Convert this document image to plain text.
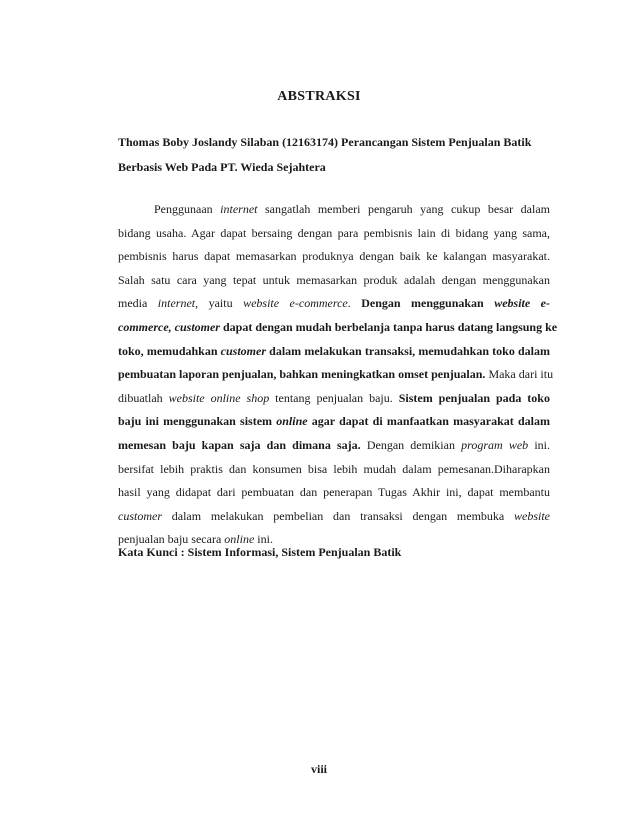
ABSTRAKSI
Thomas Boby Joslandy Silaban (12163174) Perancangan Sistem Penjualan Batik
Berbasis Web Pada PT. Wieda Sejahtera
Penggunaan internet sangatlah memberi pengaruh yang cukup besar dalam
bidang usaha. Agar dapat bersaing dengan para pembisnis lain di bidang yang sama,
pembisnis harus dapat memasarkan produknya dengan baik ke kalangan masyarakat.
Salah satu cara yang tepat untuk memasarkan produk adalah dengan menggunakan
media internet, yaitu website e-commerce. Dengan menggunakan website e-
commerce, customer dapat dengan mudah berbelanja tanpa harus datang langsung ke
toko, memudahkan customer dalam melakukan transaksi, memudahkan toko dalam
pembuatan laporan penjualan, bahkan meningkatkan omset penjualan. Maka dari itu
dibuatlah website online shop tentang penjualan baju. Sistem penjualan pada toko
baju ini menggunakan sistem online agar dapat di manfaatkan masyarakat dalam
memesan baju kapan saja dan dimana saja. Dengan demikian program web ini.
bersifat lebih praktis dan konsumen bisa lebih mudah dalam pemesanan.Diharapkan
hasil yang didapat dari pembuatan dan penerapan Tugas Akhir ini, dapat membantu
customer dalam melakukan pembelian dan transaksi dengan membuka website
penjualan baju secara online ini.
Kata Kunci : Sistem Informasi, Sistem Penjualan Batik
viii
